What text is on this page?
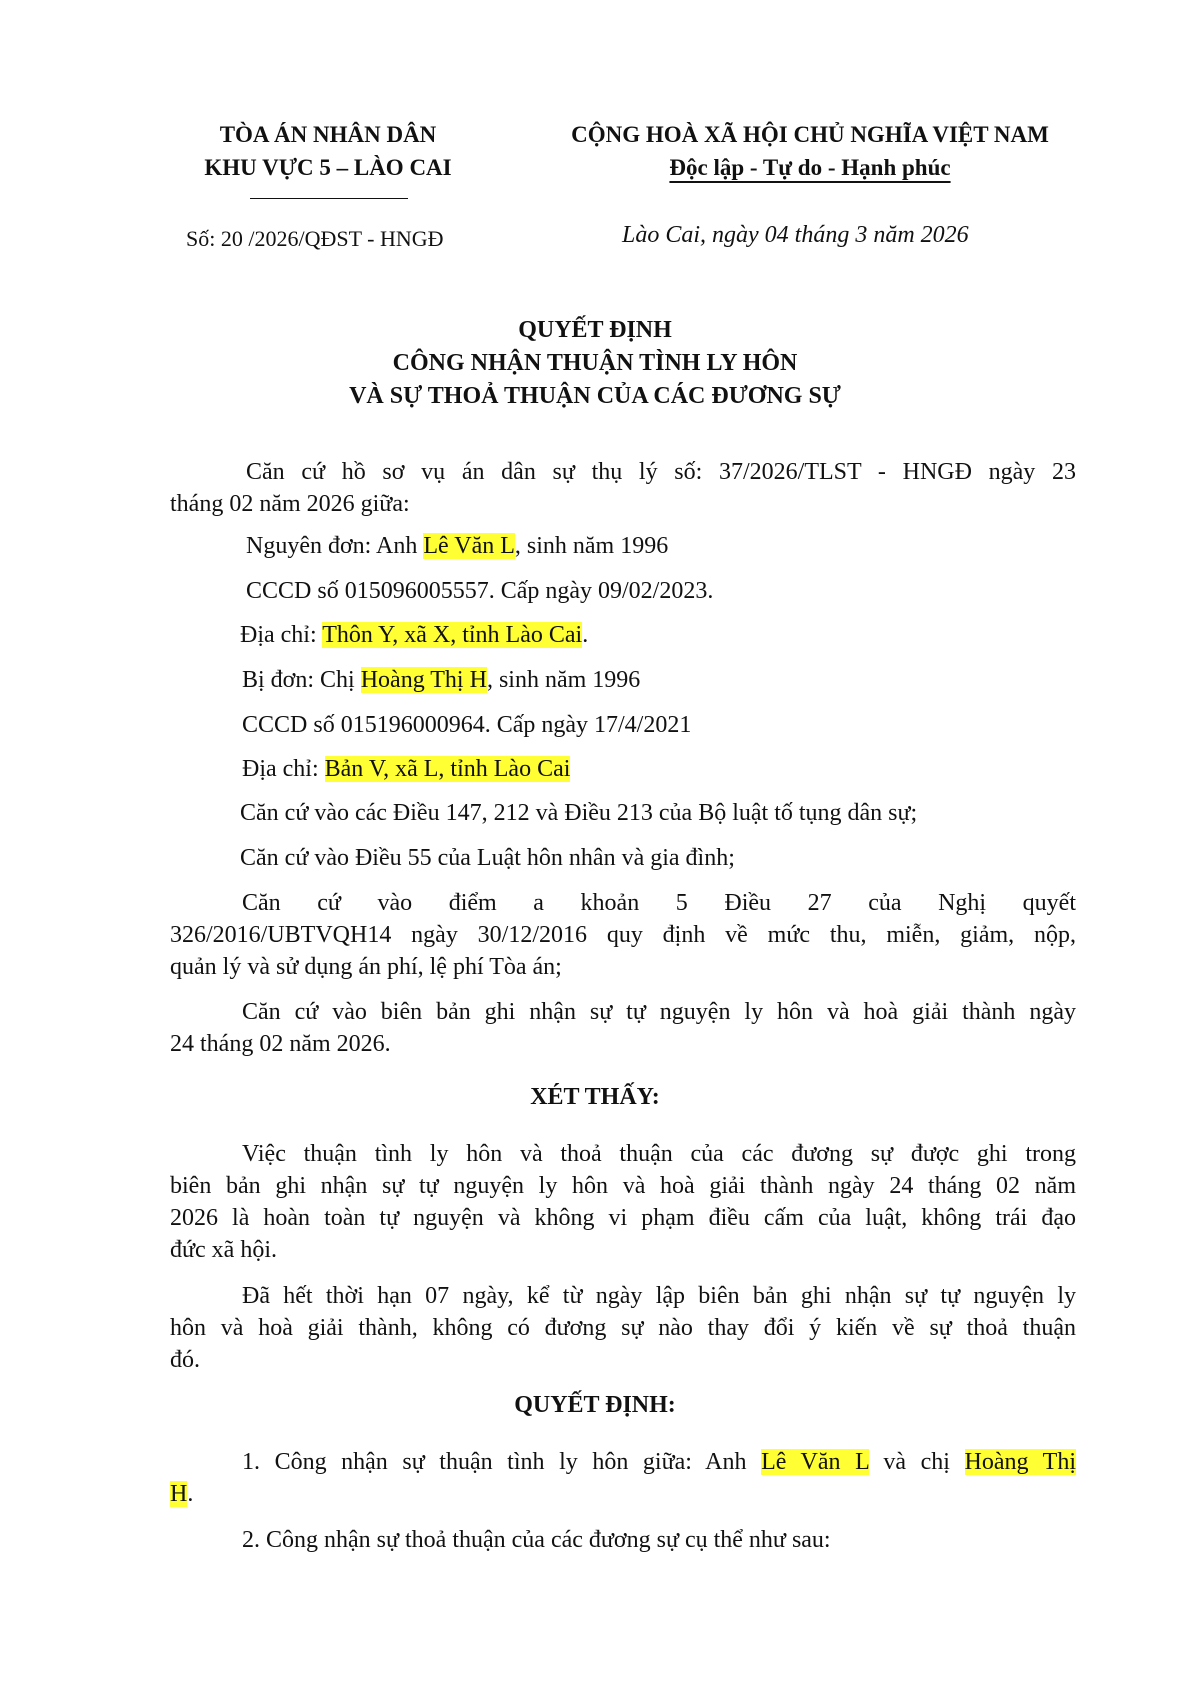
TÒA ÁN NHÂN DÂN
KHU VỰC 5 – LÀO CAI
CỘNG HOÀ XÃ HỘI CHỦ NGHĨA VIỆT NAM
Độc lập - Tự do - Hạnh phúc
Số: 20 /2026/QĐST - HNGĐ	Lào Cai, ngày 04 tháng 3 năm 2026
QUYẾT ĐỊNH
CÔNG NHẬN THUẬN TÌNH LY HÔN
VÀ SỰ THOẢ THUẬN CỦA CÁC ĐƯƠNG SỰ
Căn cứ hồ sơ vụ án dân sự thụ lý số: 37/2026/TLST - HNGĐ ngày 23
tháng 02 năm 2026 giữa:
Nguyên đơn: Anh Lê Văn L, sinh năm 1996
CCCD số 015096005557. Cấp ngày 09/02/2023.
Địa chỉ: Thôn Y, xã X, tỉnh Lào Cai.
Bị đơn: Chị Hoàng Thị H, sinh năm 1996
CCCD số 015196000964. Cấp ngày 17/4/2021
Địa chỉ: Bản V, xã L, tỉnh Lào Cai
Căn cứ vào các Điều 147, 212 và Điều 213 của Bộ luật tố tụng dân sự;
Căn cứ vào Điều 55 của Luật hôn nhân và gia đình;
Căn cứ vào điểm a khoản 5 Điều 27 của Nghị quyết
326/2016/UBTVQH14 ngày 30/12/2016 quy định về mức thu, miễn, giảm, nộp,
quản lý và sử dụng án phí, lệ phí Tòa án;
Căn cứ vào biên bản ghi nhận sự tự nguyện ly hôn và hoà giải thành ngày
24 tháng 02 năm 2026.
XÉT THẤY:
Việc thuận tình ly hôn và thoả thuận của các đương sự được ghi trong
biên bản ghi nhận sự tự nguyện ly hôn và hoà giải thành ngày 24 tháng 02 năm
2026 là hoàn toàn tự nguyện và không vi phạm điều cấm của luật, không trái đạo
đức xã hội.
Đã hết thời hạn 07 ngày, kể từ ngày lập biên bản ghi nhận sự tự nguyện ly
hôn và hoà giải thành, không có đương sự nào thay đổi ý kiến về sự thoả thuận
đó.
QUYẾT ĐỊNH:
1. Công nhận sự thuận tình ly hôn giữa: Anh Lê Văn L và chị Hoàng Thị
H.
2. Công nhận sự thoả thuận của các đương sự cụ thể như sau:
